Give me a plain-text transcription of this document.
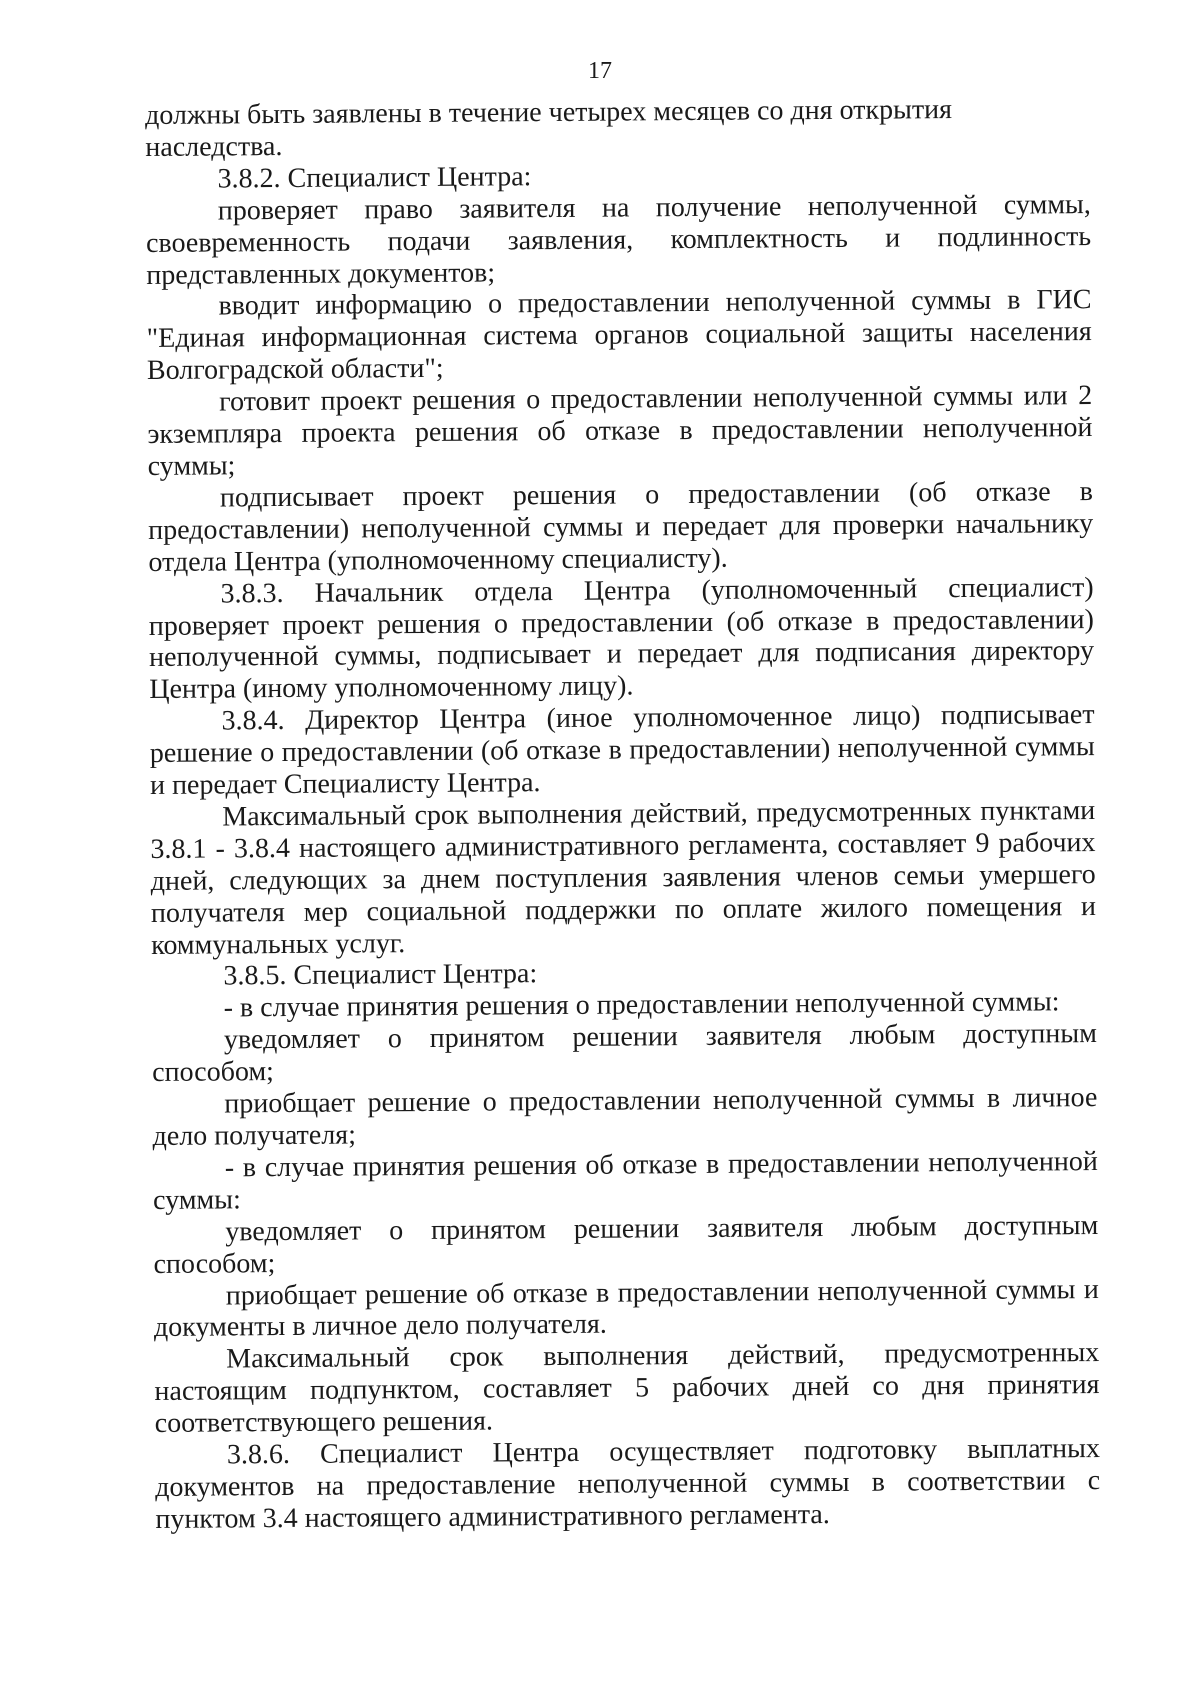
17

должны быть заявлены в течение четырех месяцев со дня открытия наследства.

3.8.2. Специалист Центра:

проверяет право заявителя на получение неполученной суммы, своевременность подачи заявления, комплектность и подлинность представленных документов;

вводит информацию о предоставлении неполученной суммы в ГИС "Единая информационная система органов социальной защиты населения Волгоградской области";

готовит проект решения о предоставлении неполученной суммы или 2 экземпляра проекта решения об отказе в предоставлении неполученной суммы;

подписывает проект решения о предоставлении (об отказе в предоставлении) неполученной суммы и передает для проверки начальнику отдела Центра (уполномоченному специалисту).

3.8.3. Начальник отдела Центра (уполномоченный специалист) проверяет проект решения о предоставлении (об отказе в предоставлении) неполученной суммы, подписывает и передает для подписания директору Центра (иному уполномоченному лицу).

3.8.4. Директор Центра (иное уполномоченное лицо) подписывает решение о предоставлении (об отказе в предоставлении) неполученной суммы и передает Специалисту Центра.

Максимальный срок выполнения действий, предусмотренных пунктами 3.8.1 - 3.8.4 настоящего административного регламента, составляет 9 рабочих дней, следующих за днем поступления заявления членов семьи умершего получателя мер социальной поддержки по оплате жилого помещения и коммунальных услуг.

3.8.5. Специалист Центра:

- в случае принятия решения о предоставлении неполученной суммы:

уведомляет о принятом решении заявителя любым доступным способом;

приобщает решение о предоставлении неполученной суммы в личное дело получателя;

- в случае принятия решения об отказе в предоставлении неполученной суммы:

уведомляет о принятом решении заявителя любым доступным способом;

приобщает решение об отказе в предоставлении неполученной суммы и документы в личное дело получателя.

Максимальный срок выполнения действий, предусмотренных настоящим подпунктом, составляет 5 рабочих дней со дня принятия соответствующего решения.

3.8.6. Специалист Центра осуществляет подготовку выплатных документов на предоставление неполученной суммы в соответствии с пунктом 3.4 настоящего административного регламента.
